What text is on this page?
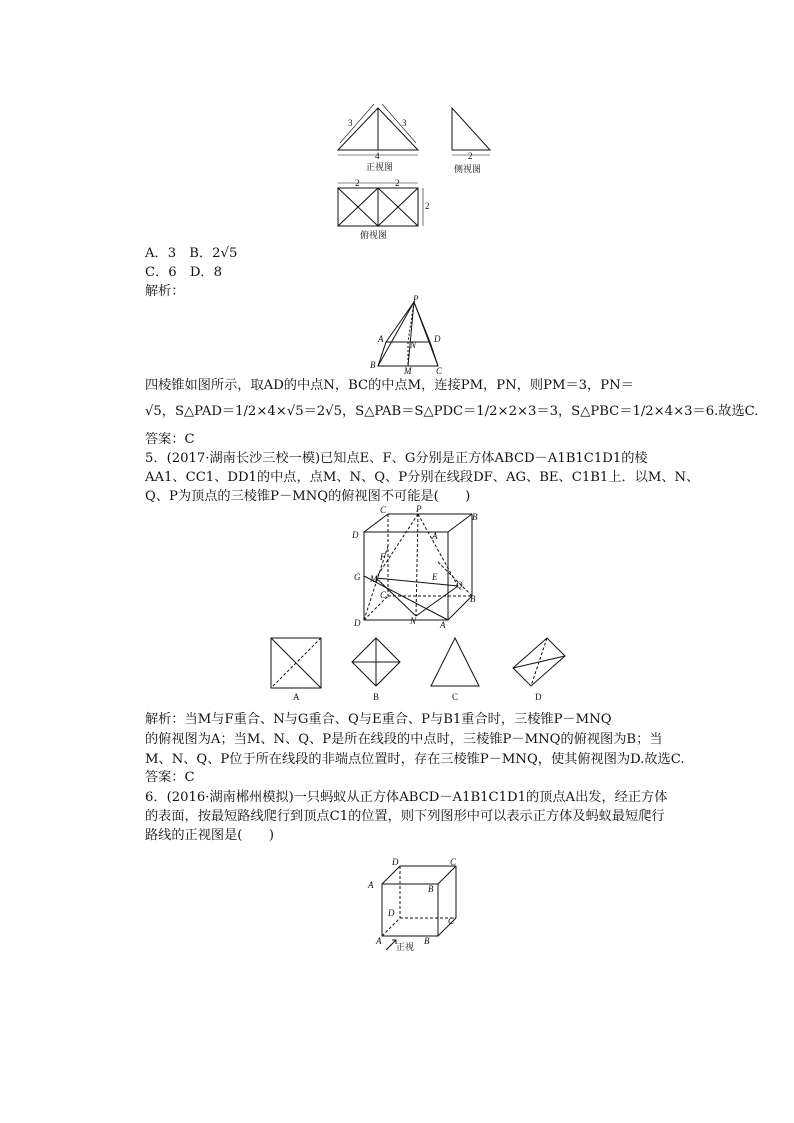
3	3
4
正视图
2
侧视图
2	2
2
俯视图
A．3　B．2√5
C．6　D．8
解析：	P
A	D
B
C
M
N
四棱锥如图所示，取AD的中点N，BC的中点M，连接PM，PN，则PM＝3，PN＝
√5，S△PAD＝1/2×4×√5＝2√5，S△PAB＝S△PDC＝1/2×2×3＝3，S△PBC＝1/2×4×3＝6.故选C.
答案：C
5．(2017·湖南长沙三校一模)已知点E、F、G分别是正方体ABCD－A1B1C1D1的棱
AA1、CC1、DD1的中点，点M、N、Q、P分别在线段DF、AG、BE、C1B1上．以M、N、
Q、P为顶点的三棱锥P－MNQ的俯视图不可能是(　　)
C	P
B
D	A
F
G M	E
Q
C	B
D	N	A
A	B	C	D
解析：当M与F重合、N与G重合、Q与E重合、P与B1重合时，三棱锥P－MNQ
的俯视图为A；当M、N、Q、P是所在线段的中点时，三棱锥P－MNQ的俯视图为B；当
M、N、Q、P位于所在线段的非端点位置时，存在三棱锥P－MNQ，使其俯视图为D.故选C.
答案：C
6．(2016·湖南郴州模拟)一只蚂蚁从正方体ABCD－A1B1C1D1的顶点A出发，经正方体
的表面，按最短路线爬行到顶点C1的位置，则下列图形中可以表示正方体及蚂蚁最短爬行
路线的正视图是(　　)
D	C
A	B
D
C
A	B
正视
